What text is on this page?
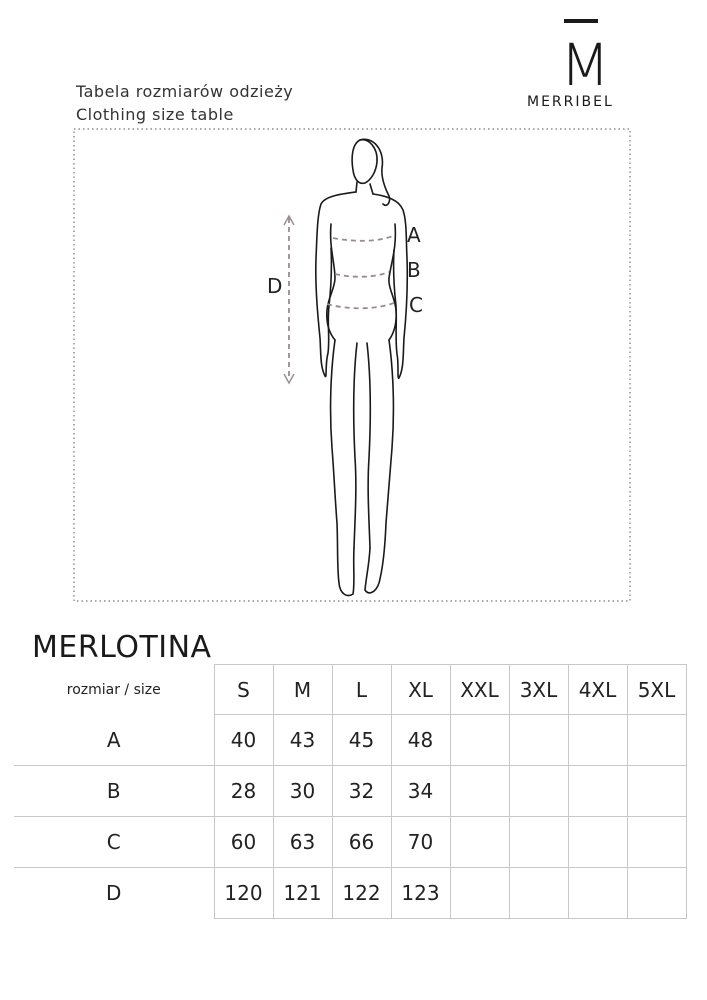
M
MERRIBEL
Tabela rozmiarów odzieży
Clothing size table
A
B
C
D
MERLOTINA
rozmiar / size	S	M	L	XL	XXL	3XL	4XL	5XL
A	40	43	45	48				
B	28	30	32	34				
C	60	63	66	70				
D	120	121	122	123				
